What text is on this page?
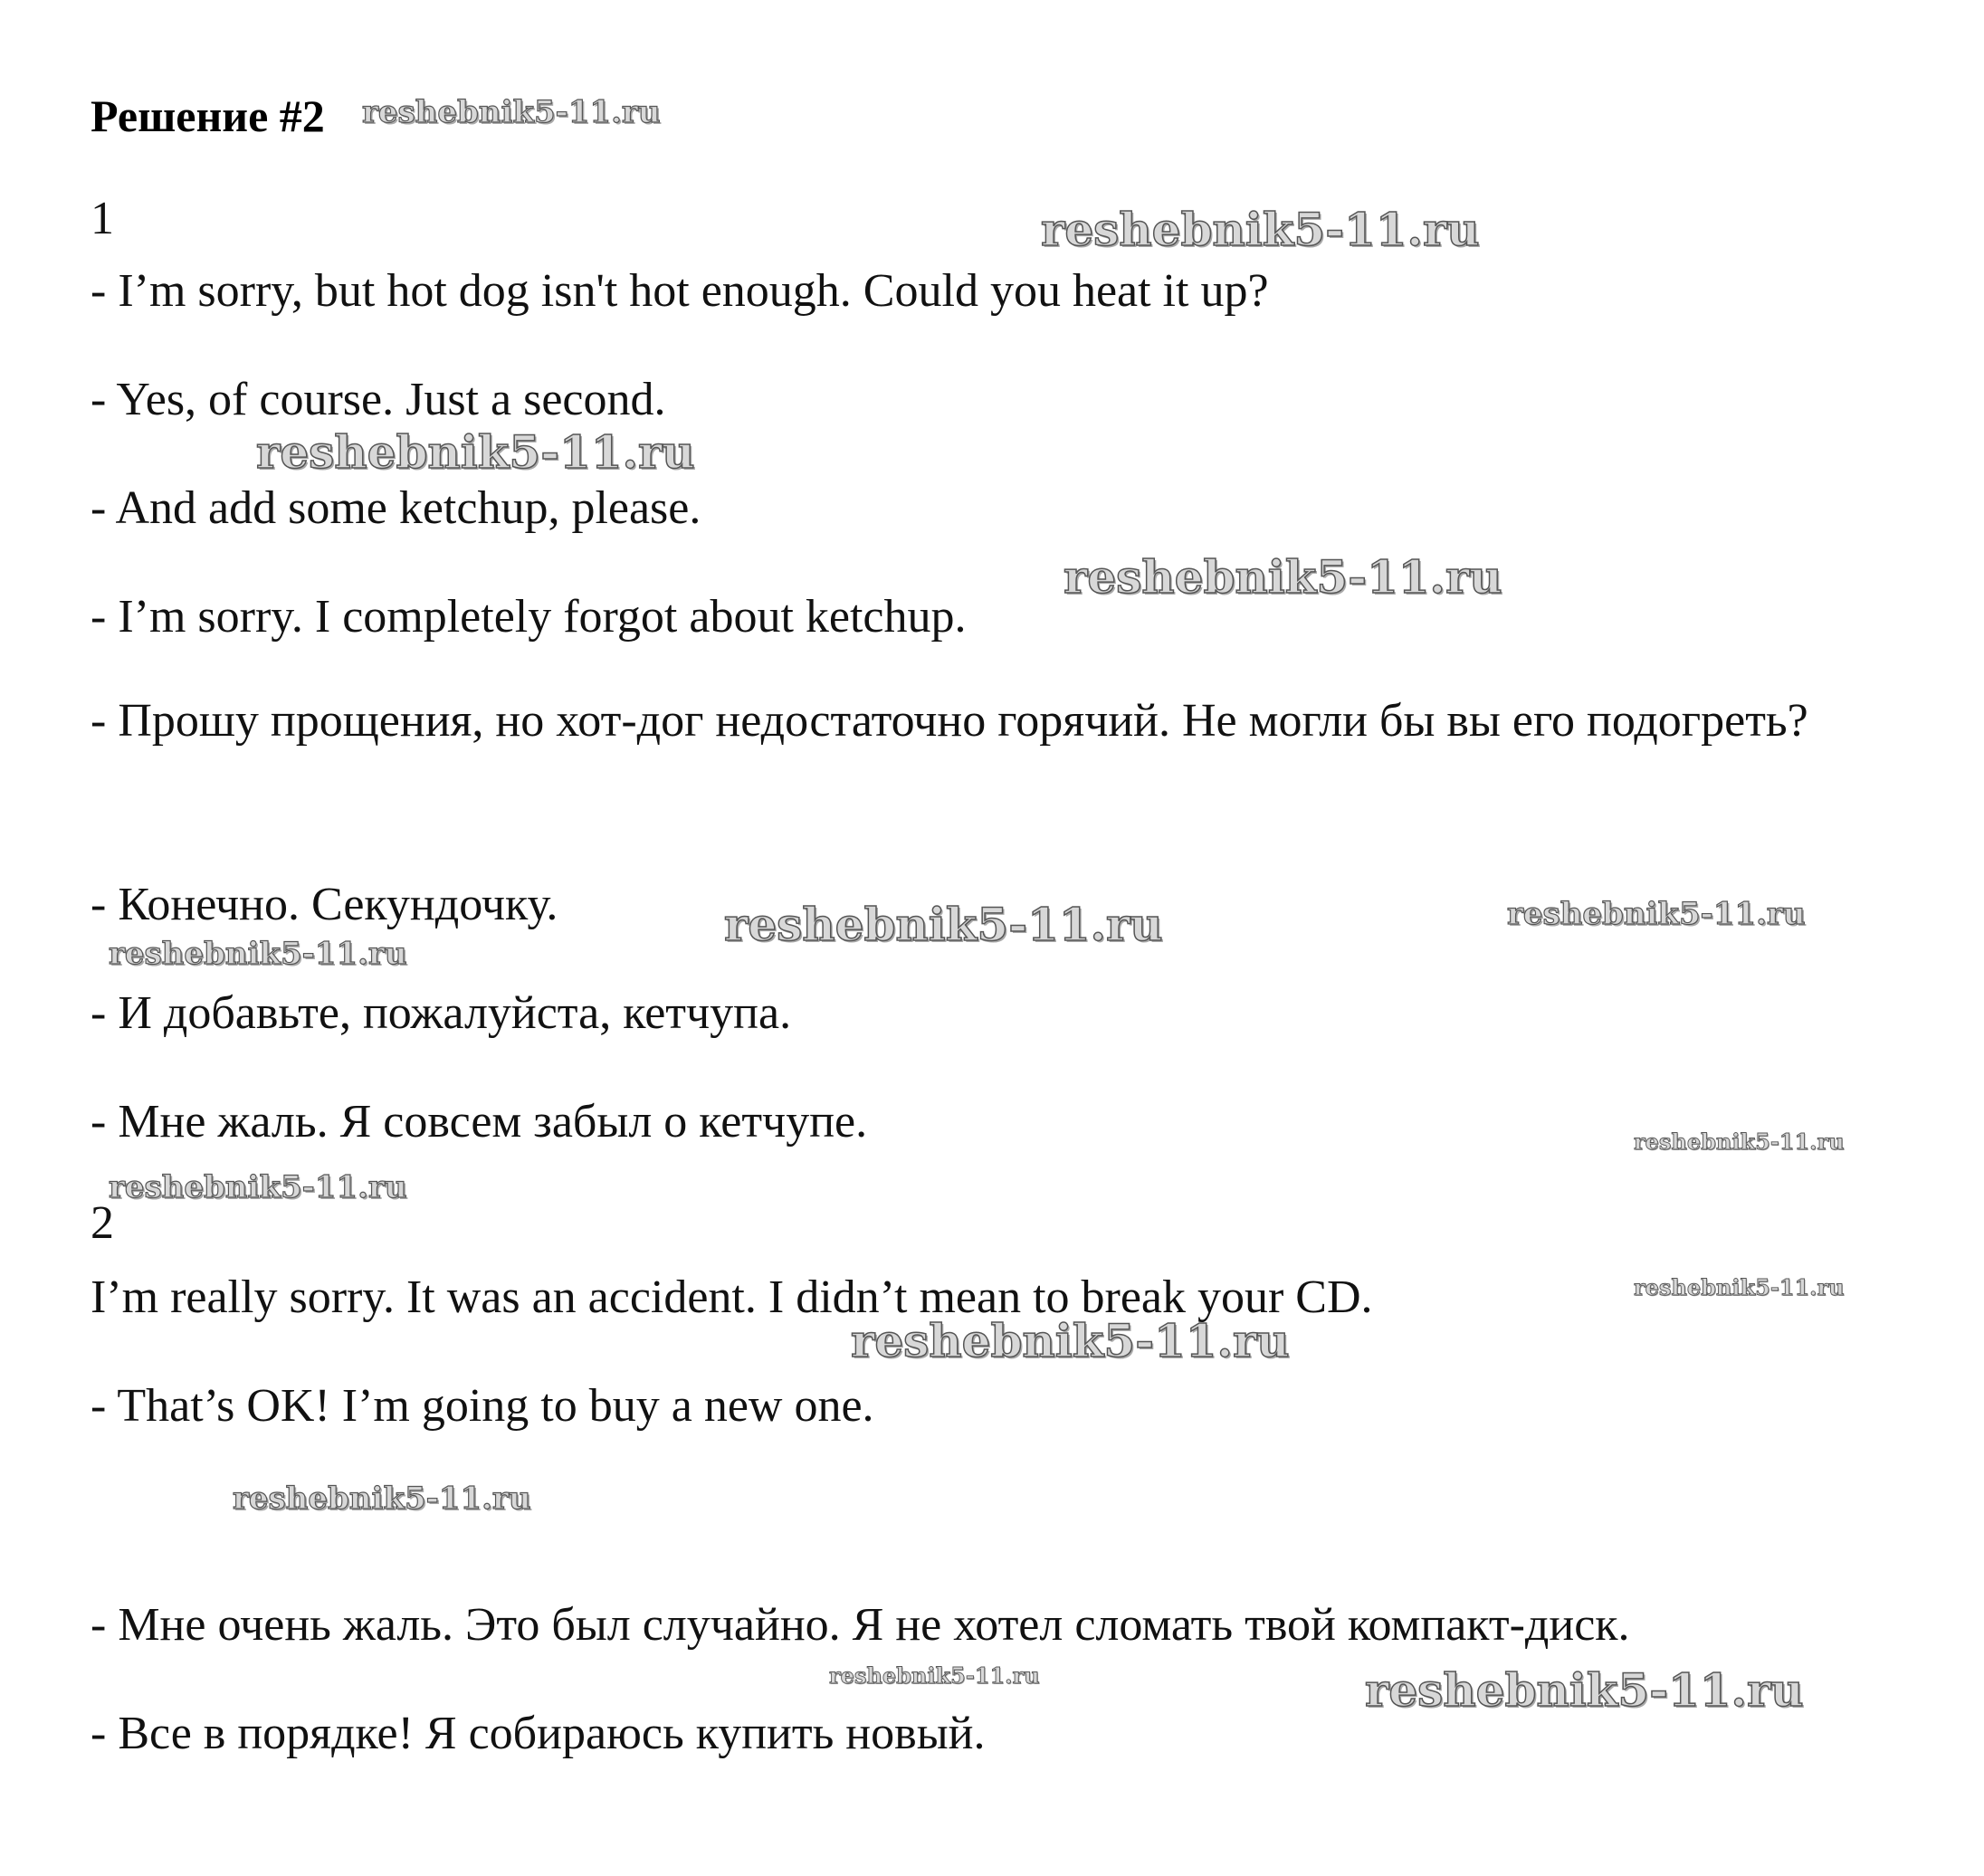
Решение #2
1
- I’m sorry, but hot dog isn't hot enough. Could you heat it up?
- Yes, of course. Just a second.
- And add some ketchup, please.
- I’m sorry. I completely forgot about ketchup.
- Прошу прощения, но хот-дог недостаточно горячий. Не могли бы вы его подогреть?
- Конечно. Секундочку.
- И добавьте, пожалуйста, кетчупа.
- Мне жаль. Я совсем забыл о кетчупе.
2
I’m really sorry. It was an accident. I didn’t mean to break your CD.
- That’s OK! I’m going to buy a new one.
- Мне очень жаль. Это был случайно. Я не хотел сломать твой компакт-диск.
- Все в порядке! Я собираюсь купить новый.
reshebnik5-11.ru
reshebnik5-11.ru
reshebnik5-11.ru
reshebnik5-11.ru
reshebnik5-11.ru	reshebnik5-11.ru
reshebnik5-11.ru
reshebnik5-11.ru
reshebnik5-11.ru
reshebnik5-11.ru
reshebnik5-11.ru
reshebnik5-11.ru
reshebnik5-11.ru	reshebnik5-11.ru
